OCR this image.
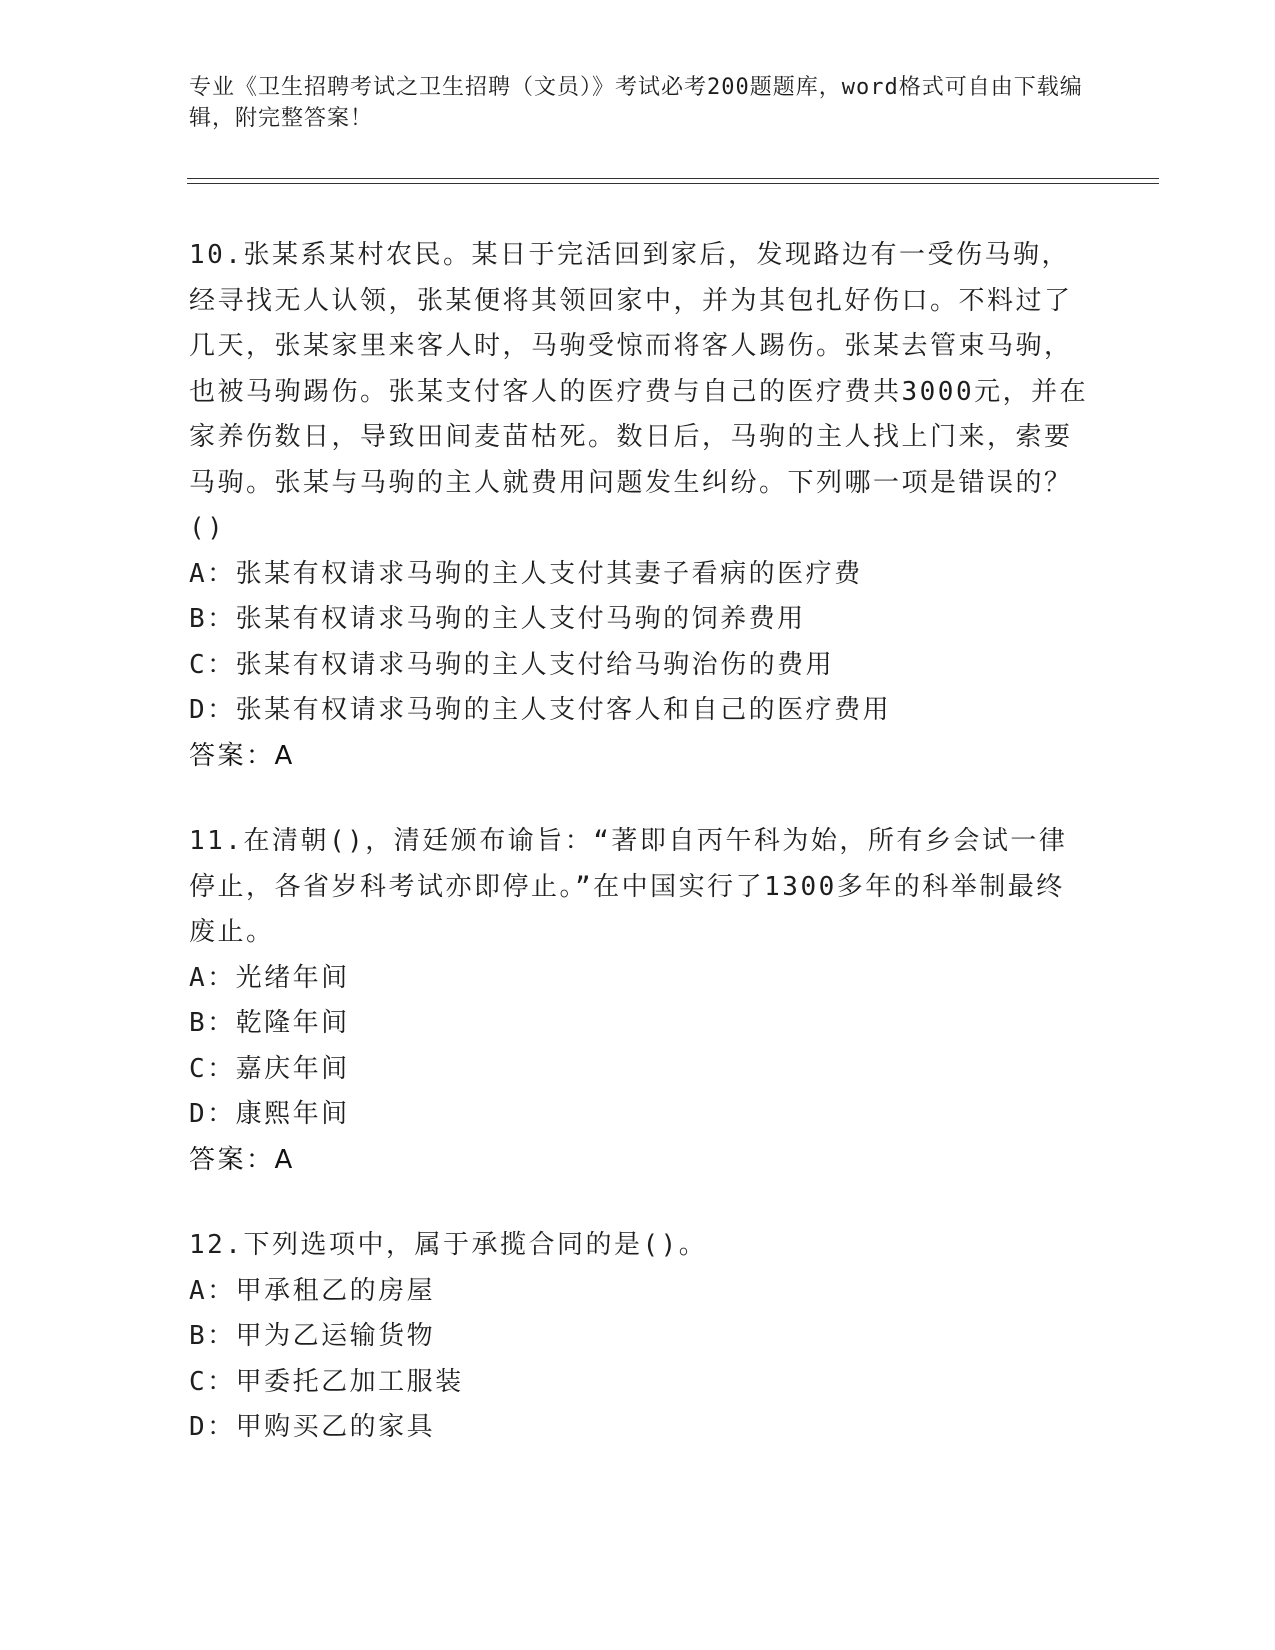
专业《卫生招聘考试之卫生招聘（文员）》考试必考200题题库，word格式可自由下载编辑，附完整答案！
10.张某系某村农民。某日于完活回到家后，发现路边有一受伤马驹，经寻找无人认领，张某便将其领回家中，并为其包扎好伤口。不料过了几天，张某家里来客人时，马驹受惊而将客人踢伤。张某去管束马驹，也被马驹踢伤。张某支付客人的医疗费与自己的医疗费共3000元，并在家养伤数日，导致田间麦苗枯死。数日后，马驹的主人找上门来，索要马驹。张某与马驹的主人就费用问题发生纠纷。下列哪一项是错误的？()
A：张某有权请求马驹的主人支付其妻子看病的医疗费
B：张某有权请求马驹的主人支付马驹的饲养费用
C：张某有权请求马驹的主人支付给马驹治伤的费用
D：张某有权请求马驹的主人支付客人和自己的医疗费用
答案：A
11.在清朝()，清廷颁布谕旨：“著即自丙午科为始，所有乡会试一律停止，各省岁科考试亦即停止。”在中国实行了1300多年的科举制最终废止。
A：光绪年间
B：乾隆年间
C：嘉庆年间
D：康熙年间
答案：A
12.下列选项中，属于承揽合同的是()。
A：甲承租乙的房屋
B：甲为乙运输货物
C：甲委托乙加工服装
D：甲购买乙的家具
